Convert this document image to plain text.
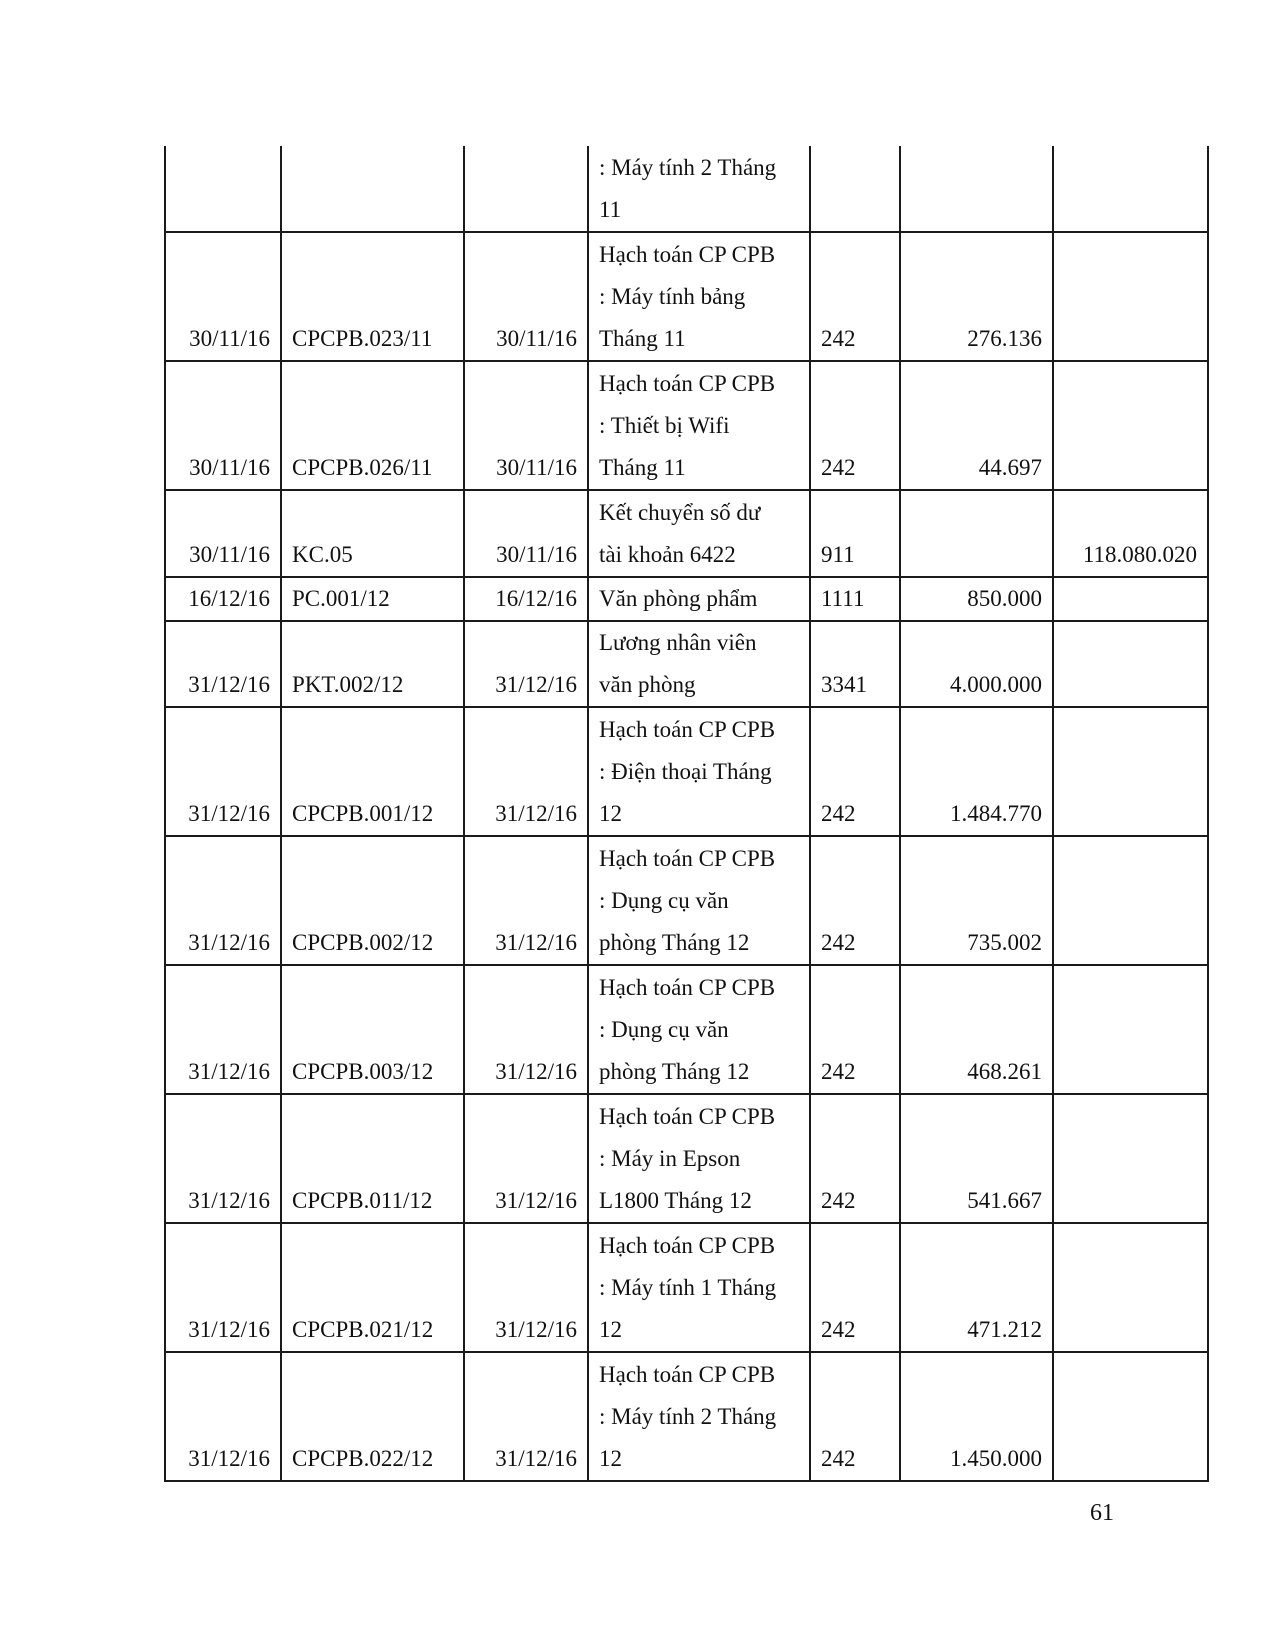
			: Máy tính 2 Tháng
11			

30/11/16	CPCPB.023/11	30/11/16	Hạch toán CP CPB
: Máy tính bảng
Tháng 11	242	276.136	
30/11/16	CPCPB.026/11	30/11/16	Hạch toán CP CPB
: Thiết bị Wifi
Tháng 11	242	44.697	
30/11/16	KC.05	30/11/16	Kết chuyển số dư
tài khoản 6422	911		118.080.020
16/12/16	PC.001/12	16/12/16	Văn phòng phẩm	1111	850.000	
31/12/16	PKT.002/12	31/12/16	Lương nhân viên
văn phòng	3341	4.000.000	
31/12/16	CPCPB.001/12	31/12/16	Hạch toán CP CPB
: Điện thoại Tháng
12	242	1.484.770	
31/12/16	CPCPB.002/12	31/12/16	Hạch toán CP CPB
: Dụng cụ văn
phòng Tháng 12	242	735.002	
31/12/16	CPCPB.003/12	31/12/16	Hạch toán CP CPB
: Dụng cụ văn
phòng Tháng 12	242	468.261	
31/12/16	CPCPB.011/12	31/12/16	Hạch toán CP CPB
: Máy in Epson
L1800 Tháng 12	242	541.667	
31/12/16	CPCPB.021/12	31/12/16	Hạch toán CP CPB
: Máy tính 1 Tháng
12	242	471.212	
31/12/16	CPCPB.022/12	31/12/16	Hạch toán CP CPB
: Máy tính 2 Tháng
12	242	1.450.000	
61
